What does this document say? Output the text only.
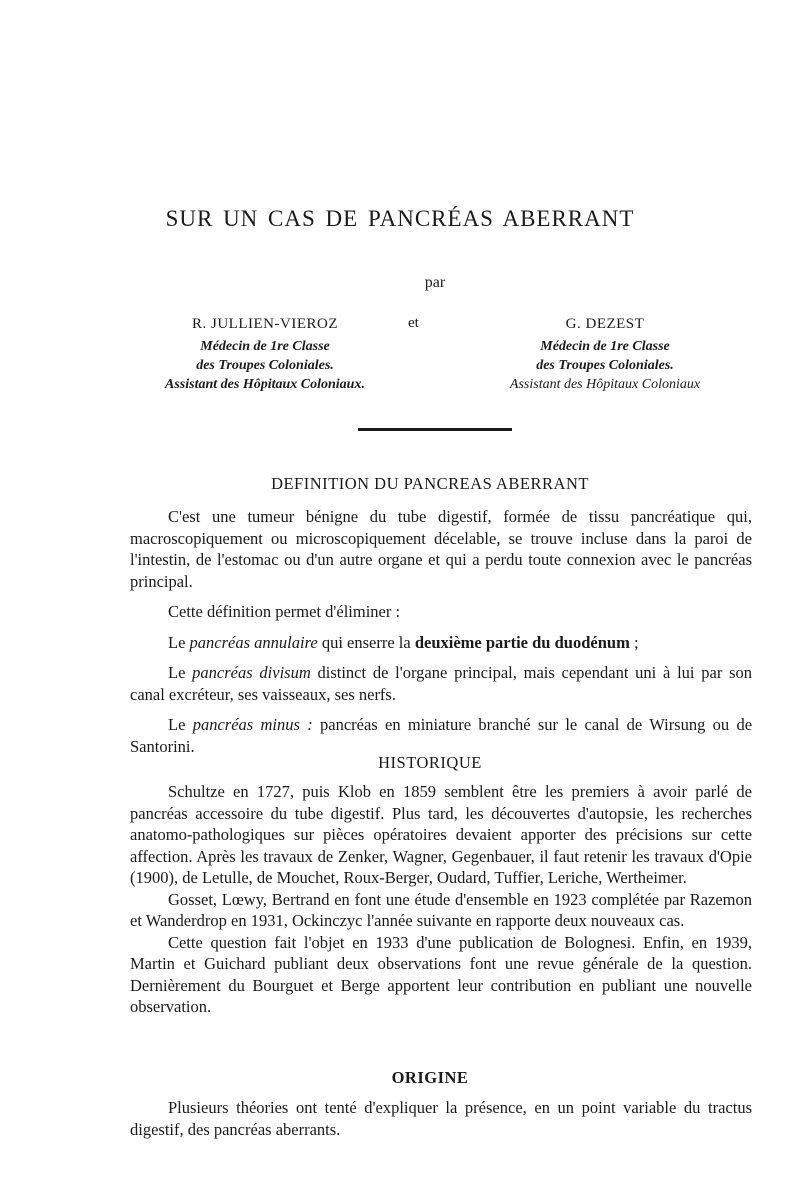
SUR UN CAS DE PANCRÉAS ABERRANT

par

R. JULLIEN-VIEROZ
Médecin de 1re Classe
des Troupes Coloniales.
Assistant des Hôpitaux Coloniaux.
et	G. DEZEST
Médecin de 1re Classe
des Troupes Coloniales.
Assistant des Hôpitaux Coloniaux
DEFINITION DU PANCREAS ABERRANT

C'est une tumeur bénigne du tube digestif, formée de tissu pancréatique qui, macroscopiquement ou microscopiquement décelable, se trouve incluse dans la paroi de l'intestin, de l'estomac ou d'un autre organe et qui a perdu toute connexion avec le pancréas principal.

Cette définition permet d'éliminer :

Le pancréas annulaire qui enserre la deuxième partie du duodénum ;

Le pancréas divisum distinct de l'organe principal, mais cependant uni à lui par son canal excréteur, ses vaisseaux, ses nerfs.

Le pancréas minus : pancréas en miniature branché sur le canal de Wirsung ou de Santorini.

HISTORIQUE

Schultze en 1727, puis Klob en 1859 semblent être les premiers à avoir parlé de pancréas accessoire du tube digestif. Plus tard, les découvertes d'autopsie, les recherches anatomo-pathologiques sur pièces opératoires devaient apporter des précisions sur cette affection. Après les travaux de Zenker, Wagner, Gegenbauer, il faut retenir les travaux d'Opie (1900), de Letulle, de Mouchet, Roux-Berger, Oudard, Tuffier, Leriche, Wertheimer.

Gosset, Lœwy, Bertrand en font une étude d'ensemble en 1923 complétée par Razemon et Wanderdrop en 1931, Ockinczyc l'année suivante en rapporte deux nouveaux cas.

Cette question fait l'objet en 1933 d'une publication de Bolognesi. Enfin, en 1939, Martin et Guichard publiant deux observations font une revue générale de la question. Dernièrement du Bourguet et Berge apportent leur contribution en publiant une nouvelle observation.

ORIGINE

Plusieurs théories ont tenté d'expliquer la présence, en un point variable du tractus digestif, des pancréas aberrants.
